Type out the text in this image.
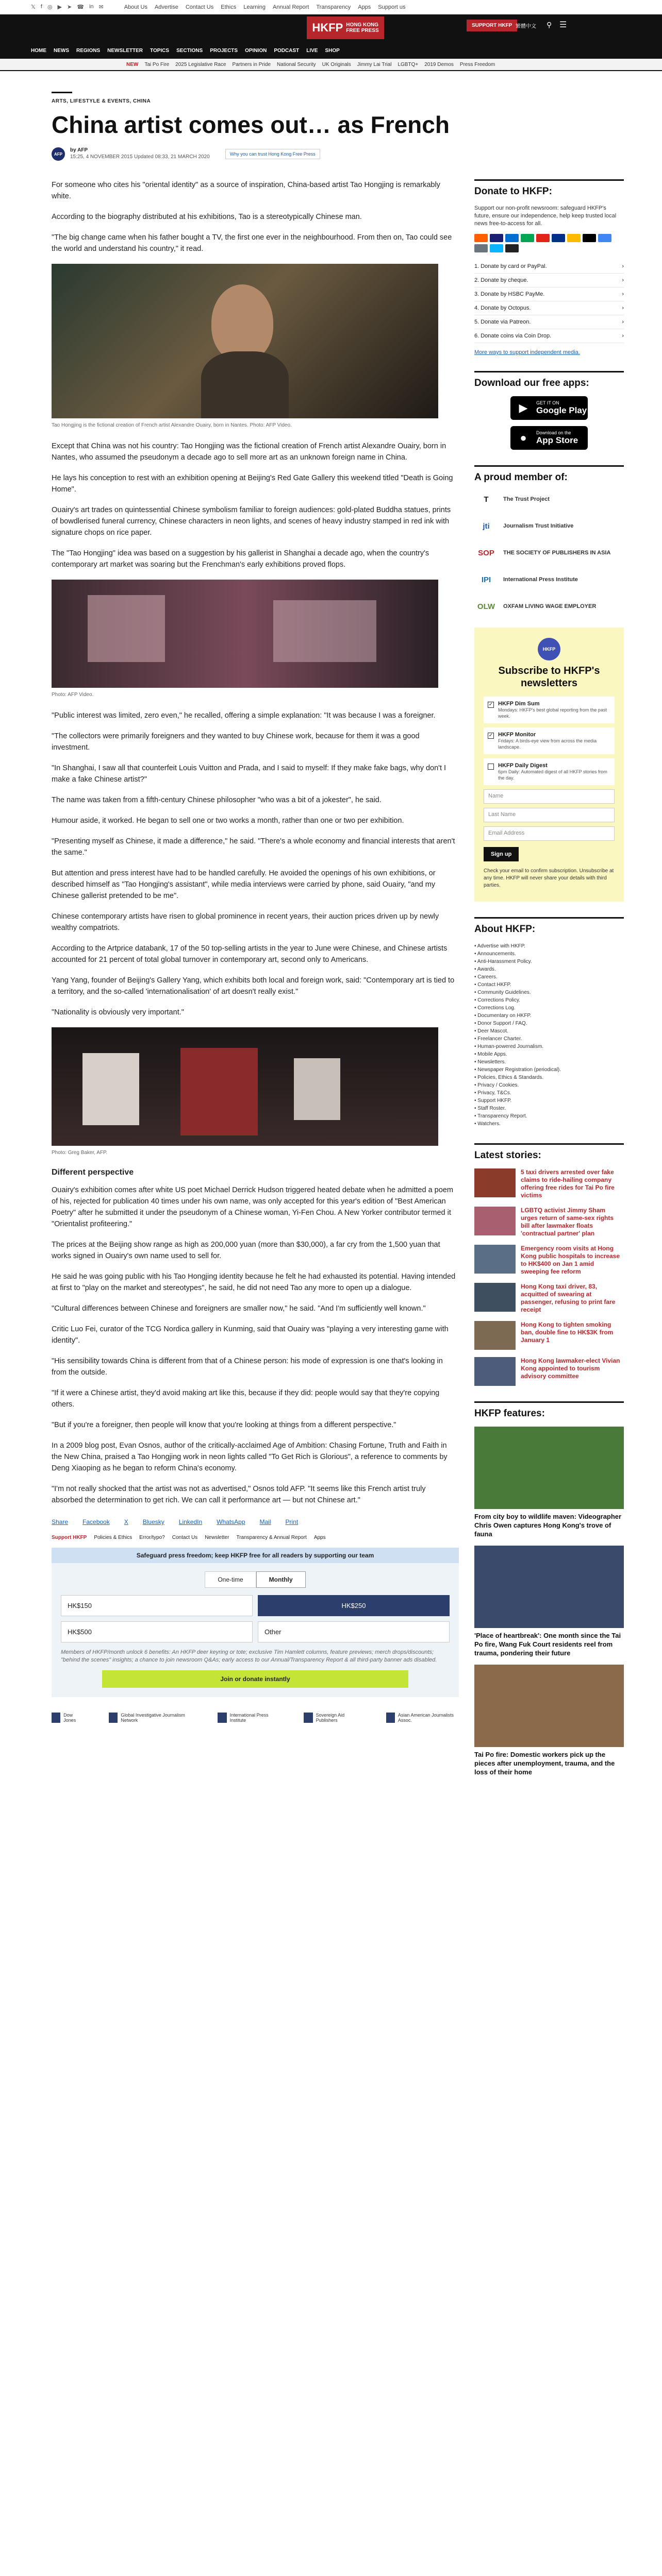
𝕏 f ◎ ▶ ➤ ☎ in ✉	About Us Advertise Contact Us Ethics Learning Annual Report Transparency Apps Support us
HKFP HONG KONG
FREE PRESS
SUPPORT HKFP 繁體中文 ⚲ ☰
HOME NEWS REGIONS NEWSLETTER TOPICS SECTIONS PROJECTS OPINION PODCAST LIVE SHOP
NEW Tai Po Fire 2025 Legislative Race Partners in Pride National Security UK Originals Jimmy Lai Trial LGBTQ+ 2019 Demos Press Freedom
ARTS, LIFESTYLE & EVENTS, CHINA
China artist comes out… as French
AFP
by AFP
15:25, 4 NOVEMBER 2015 Updated 08:33, 21 MARCH 2020	Why you can trust Hong Kong Free Press

For someone who cites his "oriental identity" as a source of inspiration, China-based artist Tao Hongjing is remarkably white.

According to the biography distributed at his exhibitions, Tao is a stereotypically Chinese man.

"The big change came when his father bought a TV, the first one ever in the neighbourhood. From then on, Tao could see the world and understand his country," it read.

Tao Hongjing is the fictional creation of French artist Alexandre Ouairy, born in Nantes. Photo: AFP Video.

Except that China was not his country: Tao Hongjing was the fictional creation of French artist Alexandre Ouairy, born in Nantes, who assumed the pseudonym a decade ago to sell more art as an unknown foreign name in China.

He lays his conception to rest with an exhibition opening at Beijing's Red Gate Gallery this weekend titled "Death is Going Home".

Ouairy's art trades on quintessential Chinese symbolism familiar to foreign audiences: gold-plated Buddha statues, prints of bowdlerised funeral currency, Chinese characters in neon lights, and scenes of heavy industry stamped in red ink with signature chops on rice paper.

The "Tao Hongjing" idea was based on a suggestion by his gallerist in Shanghai a decade ago, when the country's contemporary art market was soaring but the Frenchman's early exhibitions proved flops.

Photo: AFP Video.

"Public interest was limited, zero even," he recalled, offering a simple explanation: "It was because I was a foreigner.

"The collectors were primarily foreigners and they wanted to buy Chinese work, because for them it was a good investment.

"In Shanghai, I saw all that counterfeit Louis Vuitton and Prada, and I said to myself: If they make fake bags, why don't I make a fake Chinese artist?"

The name was taken from a fifth-century Chinese philosopher "who was a bit of a jokester", he said.

Humour aside, it worked. He began to sell one or two works a month, rather than one or two per exhibition.

"Presenting myself as Chinese, it made a difference," he said. "There's a whole economy and financial interests that aren't the same."

But attention and press interest have had to be handled carefully. He avoided the openings of his own exhibitions, or described himself as "Tao Hongjing's assistant", while media interviews were carried by phone, said Ouairy, "and my Chinese gallerist pretended to be me".

Chinese contemporary artists have risen to global prominence in recent years, their auction prices driven up by newly wealthy compatriots.

According to the Artprice databank, 17 of the 50 top-selling artists in the year to June were Chinese, and Chinese artists accounted for 21 percent of total global turnover in contemporary art, second only to Americans.

Yang Yang, founder of Beijing's Gallery Yang, which exhibits both local and foreign work, said: "Contemporary art is tied to a territory, and the so-called 'internationalisation' of art doesn't really exist."

"Nationality is obviously very important."

Photo: Greg Baker, AFP.
Different perspective

Ouairy's exhibition comes after white US poet Michael Derrick Hudson triggered heated debate when he admitted a poem of his, rejected for publication 40 times under his own name, was only accepted for this year's edition of "Best American Poetry" after he submitted it under the pseudonym of a Chinese woman, Yi-Fen Chou. A New Yorker contributor termed it "Orientalist profiteering."

The prices at the Beijing show range as high as 200,000 yuan (more than $30,000), a far cry from the 1,500 yuan that works signed in Ouairy's own name used to sell for.

He said he was going public with his Tao Hongjing identity because he felt he had exhausted its potential. Having intended at first to "play on the market and stereotypes", he said, he did not need Tao any more to open up a dialogue.

"Cultural differences between Chinese and foreigners are smaller now," he said. "And I'm sufficiently well known."

Critic Luo Fei, curator of the TCG Nordica gallery in Kunming, said that Ouairy was "playing a very interesting game with identity".

"His sensibility towards China is different from that of a Chinese person: his mode of expression is one that's looking in from the outside.

"If it were a Chinese artist, they'd avoid making art like this, because if they did: people would say that they're copying others.

"But if you're a foreigner, then people will know that you're looking at things from a different perspective."

In a 2009 blog post, Evan Osnos, author of the critically-acclaimed Age of Ambition: Chasing Fortune, Truth and Faith in the New China, praised a Tao Hongjing work in neon lights called "To Get Rich is Glorious", a reference to comments by Deng Xiaoping as he began to reform China's economy.

"I'm not really shocked that the artist was not as advertised," Osnos told AFP. "It seems like this French artist truly absorbed the determination to get rich. We can call it performance art — but not Chinese art."

Share Facebook X Bluesky LinkedIn WhatsApp Mail Print
Support HKFP Policies & Ethics Error/typo? Contact Us Newsletter Transparency & Annual Report Apps
Safeguard press freedom; keep HKFP free for all readers by supporting our team
One-time	Monthly
HK$150	HK$250
HK$500	Other
Members of HKFP/month unlock 6 benefits: An HKFP deer keyring or tote; exclusive Tim Hamlett columns, feature previews; merch drops/discounts; "behind the scenes" insights; a chance to join newsroom Q&As; early access to our Annual/Transparency Report & all third-party banner ads disabled.
Join or donate instantly
Dow Jones
Global Investigative Journalism Network
International Press Institute
Sovereign Aid Publishers
Asian American Journalists Assoc.
Donate to HKFP:
Support our non-profit newsroom: safeguard HKFP's future, ensure our independence, help keep trusted local news free-to-access for all.
1. Donate by card or PayPal.	›
2. Donate by cheque.	›
3. Donate by HSBC PayMe.	›
4. Donate by Octopus.	›
5. Donate via Patreon.	›
6. Donate coins via Coin Drop.	›
More ways to support independent media.
Download our free apps:
▶	GET IT ON
Google Play
●	Download on the
App Store
A proud member of:
T	The Trust Project
jti	Journalism Trust Initiative
SOP	THE SOCIETY OF PUBLISHERS IN ASIA
IPI	International Press Institute
OLW	OXFAM LIVING WAGE EMPLOYER
HKFP
Subscribe to HKFP's newsletters
✓ HKFP Dim Sum
Mondays: HKFP's best global reporting from the past week.
✓ HKFP Monitor
Fridays: A birds-eye view from across the media landscape.
HKFP Daily Digest
6pm Daily: Automated digest of all HKFP stories from the day.
Name
Last Name
Email Address
Sign up
Check your email to confirm subscription. Unsubscribe at any time. HKFP will never share your details with third parties.
About HKFP:
• Advertise with HKFP.
• Announcements.
• Anti-Harassment Policy.
• Awards.
• Careers.
• Contact HKFP.
• Community Guidelines.
• Corrections Policy.
• Corrections Log.
• Documentary on HKFP.
• Donor Support / FAQ.
• Deer Mascot.
• Freelancer Charter.
• Human-powered Journalism.
• Mobile Apps.
• Newsletters.
• Newspaper Registration (periodical).
• Policies, Ethics & Standards.
• Privacy / Cookies.
• Privacy, T&Cs.
• Support HKFP.
• Staff Roster.
• Transparency Report.
• Watchers.
Latest stories:
5 taxi drivers arrested over fake claims to ride-hailing company offering free rides for Tai Po fire victims
LGBTQ activist Jimmy Sham urges return of same-sex rights bill after lawmaker floats 'contractual partner' plan
Emergency room visits at Hong Kong public hospitals to increase to HK$400 on Jan 1 amid sweeping fee reform
Hong Kong taxi driver, 83, acquitted of swearing at passenger, refusing to print fare receipt
Hong Kong to tighten smoking ban, double fine to HK$3K from January 1
Hong Kong lawmaker-elect Vivian Kong appointed to tourism advisory committee
HKFP features:
From city boy to wildlife maven: Videographer Chris Owen captures Hong Kong's trove of fauna
'Place of heartbreak': One month since the Tai Po fire, Wang Fuk Court residents reel from trauma, pondering their future
Tai Po fire: Domestic workers pick up the pieces after unemployment, trauma, and the loss of their home
